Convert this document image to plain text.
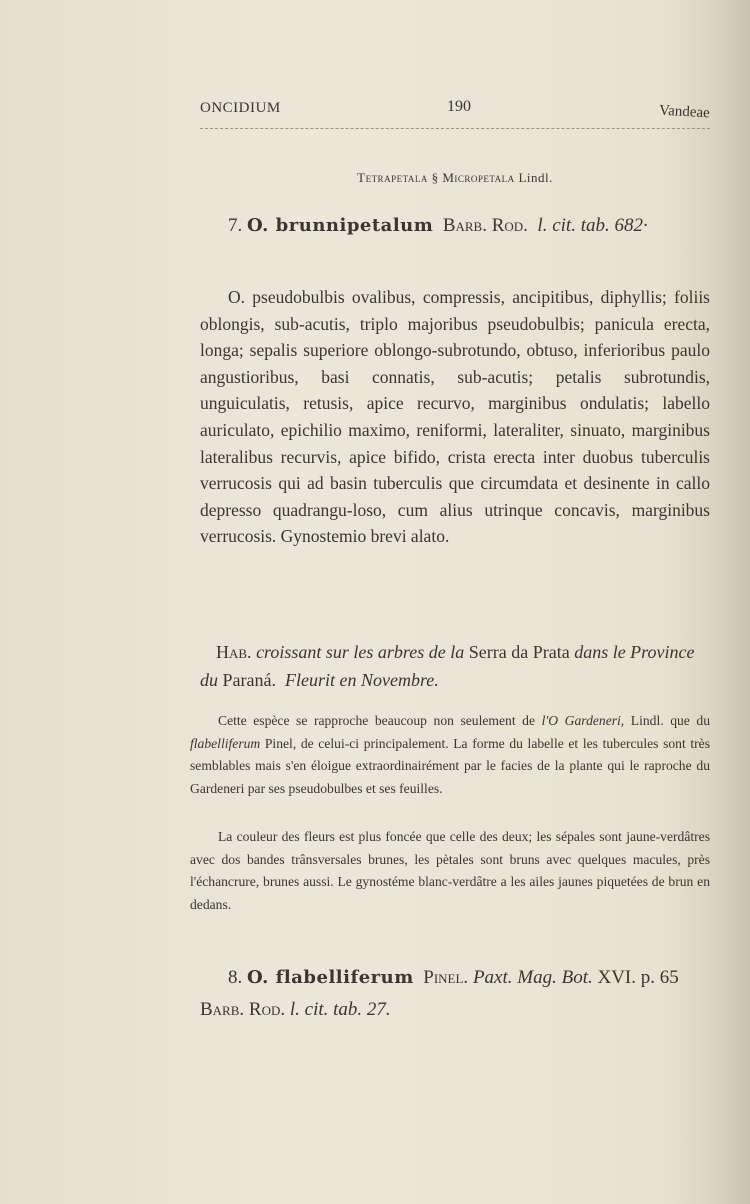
ONCIDIUM	190	Vandeae
Tetrapetala § Micropetala Lindl.
7. O. brunnipetalum Barb. Rod. l. cit. tab. 682·

O. pseudobulbis ovalibus, compressis, ancipitibus, diphyllis; foliis oblongis, sub-acutis, triplo majoribus pseudobulbis; panicula erecta, longa; sepalis superiore oblongo-subrotundo, obtuso, inferioribus paulo angustioribus, basi connatis, sub-acutis; petalis subrotundis, unguiculatis, retusis, apice recurvo, marginibus ondulatis; labello auriculato, epichilio maximo, reniformi, lateraliter, sinuato, marginibus lateralibus recurvis, apice bifido, crista erecta inter duobus tuberculis verrucosis qui ad basin tuberculis que circumdata et desinente in callo depresso quadrangu-loso, cum alius utrinque concavis, marginibus verrucosis. Gynostemio brevi alato.

Hab. croissant sur les arbres de la Serra da Prata dans le Province du Paraná. Fleurit en Novembre.

Cette espèce se rapproche beaucoup non seulement de l'O Gardeneri, Lindl. que du flabelliferum Pinel, de celui-ci principalement. La forme du labelle et les tubercules sont très semblables mais s'en éloigue extraordinairément par le facies de la plante qui le raproche du Gardeneri par ses pseudobulbes et ses feuilles.

La couleur des fleurs est plus foncée que celle des deux; les sépales sont jaune-verdâtres avec dos bandes trânsversales brunes, les pètales sont bruns avec quelques macules, près l'échancrure, brunes aussi. Le gynostéme blanc-verdâtre a les ailes jaunes piquetées de brun en dedans.

8. O. flabelliferum Pinel. Paxt. Mag. Bot. XVI. p. 65 Barb. Rod. l. cit. tab. 27.
